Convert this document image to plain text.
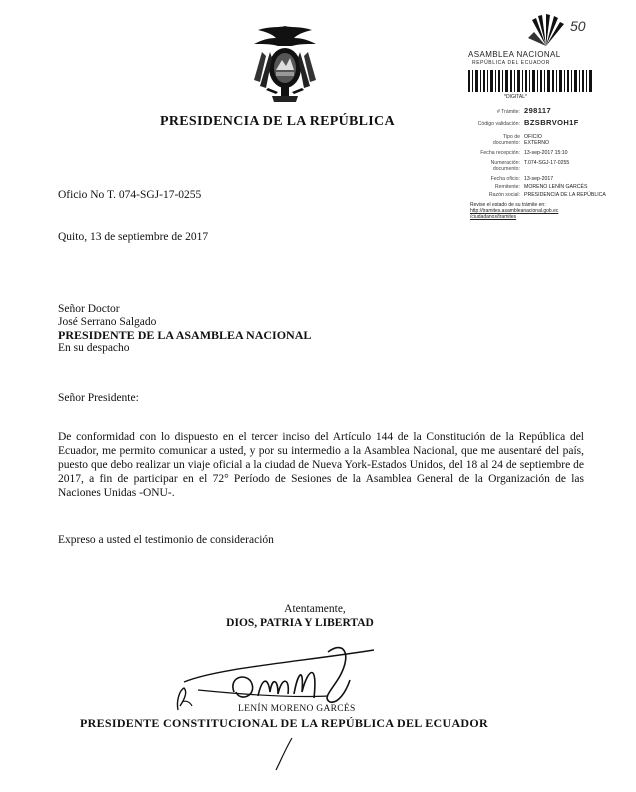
PRESIDENCIA DE LA REPÚBLICA
50
ASAMBLEA NACIONAL
REPÚBLICA DEL ECUADOR
*DIGITAL*
# Trámite: 298117
Código validación: BZSBRVOH1F
Tipo de OFICIO
documento: EXTERNO
Fecha recepción: 13-sep-2017 15:10
Numeración: T.074-SGJ-17-0255
documento:
Fecha oficio: 13-sep-2017
Remitente: MORENO LENÍN GARCÉS
Razón social: PRESIDENCIA DE LA REPÚBLICA
Revise el estado de su trámite en:
http://tramites.asambleanacional.gob.ec
/ciudadanos/tramites
Oficio No T. 074-SGJ-17-0255
Quito, 13 de septiembre de 2017
Señor Doctor
José Serrano Salgado
PRESIDENTE DE LA ASAMBLEA NACIONAL
En su despacho
Señor Presidente:
De conformidad con lo dispuesto en el tercer inciso del Artículo 144 de la Constitución de la República del Ecuador, me permito comunicar a usted, y por su intermedio a la Asamblea Nacional, que me ausentaré del país, puesto que debo realizar un viaje oficial a la ciudad de Nueva York-Estados Unidos, del 18 al 24 de septiembre de 2017, a fin de participar en el 72° Período de Sesiones de la Asamblea General de la Organización de las Naciones Unidas -ONU-.
Expreso a usted el testimonio de consideración
Atentamente,
DIOS, PATRIA Y LIBERTAD
LENÍN MORENO GARCÉS
PRESIDENTE CONSTITUCIONAL DE LA REPÚBLICA DEL ECUADOR
